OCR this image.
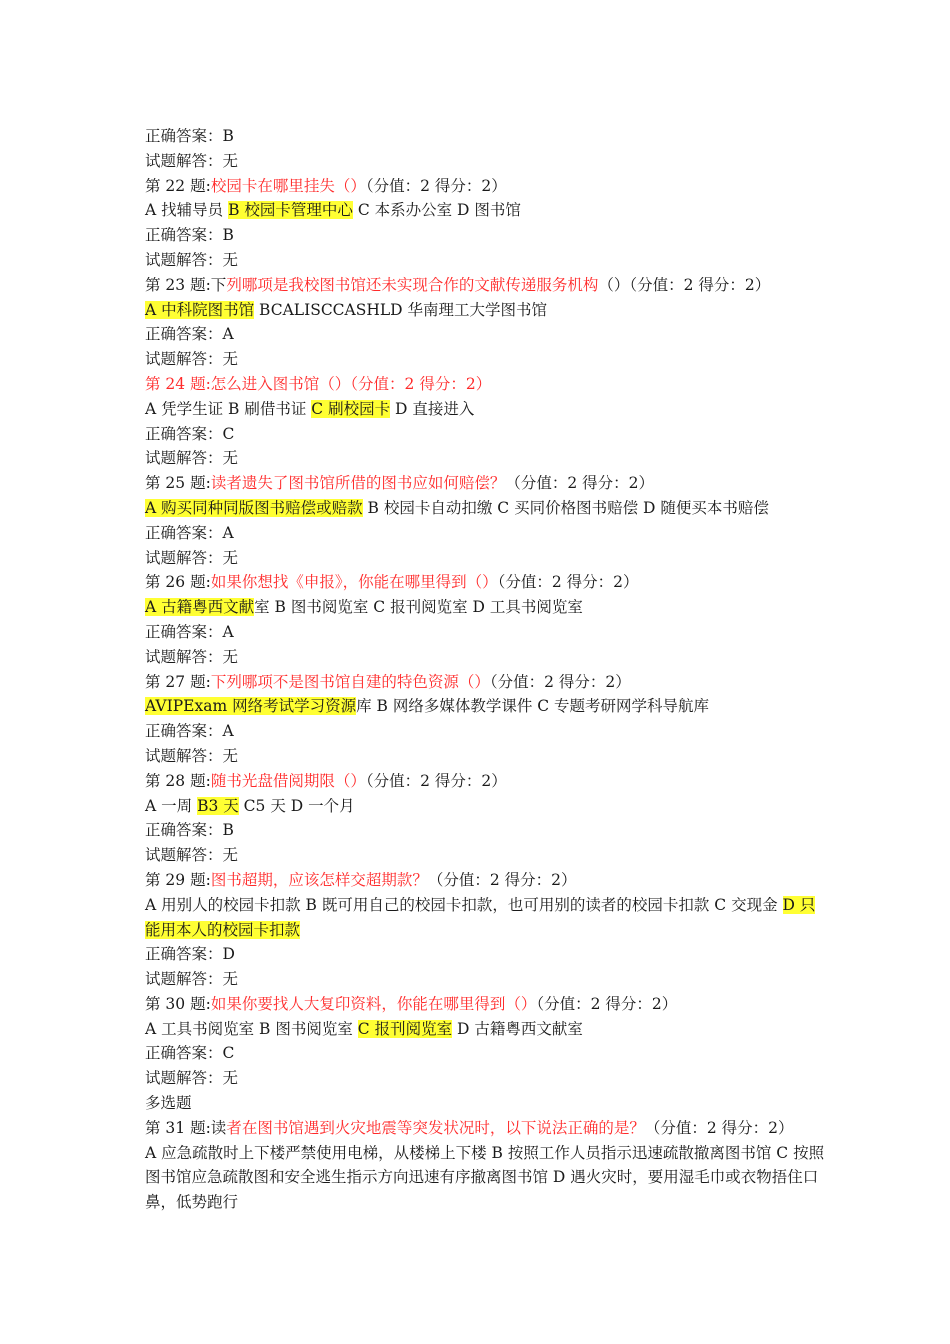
正确答案：B
试题解答：无
第 22 题:校园卡在哪里挂失（）（分值：2 得分：2）
A 找辅导员 B 校园卡管理中心 C 本系办公室 D 图书馆
正确答案：B
试题解答：无
第 23 题:下列哪项是我校图书馆还未实现合作的文献传递服务机构（）（分值：2 得分：2）
A 中科院图书馆 BCALISCCASHLD 华南理工大学图书馆
正确答案：A
试题解答：无
第 24 题:怎么进入图书馆（）（分值：2 得分：2）
A 凭学生证 B 刷借书证 C 刷校园卡 D 直接进入
正确答案：C
试题解答：无
第 25 题:读者遗失了图书馆所借的图书应如何赔偿？（分值：2 得分：2）
A 购买同种同版图书赔偿或赔款 B 校园卡自动扣缴 C 买同价格图书赔偿 D 随便买本书赔偿
正确答案：A
试题解答：无
第 26 题:如果你想找《申报》，你能在哪里得到（）（分值：2 得分：2）
A 古籍粤西文献室 B 图书阅览室 C 报刊阅览室 D 工具书阅览室
正确答案：A
试题解答：无
第 27 题:下列哪项不是图书馆自建的特色资源（）（分值：2 得分：2）
AVIPExam 网络考试学习资源库 B 网络多媒体教学课件 C 专题考研网学科导航库
正确答案：A
试题解答：无
第 28 题:随书光盘借阅期限（）（分值：2 得分：2）
A 一周 B3 天 C5 天 D 一个月
正确答案：B
试题解答：无
第 29 题:图书超期，应该怎样交超期款？（分值：2 得分：2）
A 用别人的校园卡扣款 B 既可用自己的校园卡扣款，也可用别的读者的校园卡扣款 C 交现金 D 只能用本人的校园卡扣款
正确答案：D
试题解答：无
第 30 题:如果你要找人大复印资料，你能在哪里得到（）（分值：2 得分：2）
A 工具书阅览室 B 图书阅览室 C 报刊阅览室 D 古籍粤西文献室
正确答案：C
试题解答：无
多选题
第 31 题:读者在图书馆遇到火灾地震等突发状况时，以下说法正确的是？（分值：2 得分：2）
A 应急疏散时上下楼严禁使用电梯，从楼梯上下楼 B 按照工作人员指示迅速疏散撤离图书馆 C 按照图书馆应急疏散图和安全逃生指示方向迅速有序撤离图书馆 D 遇火灾时，要用湿毛巾或衣物捂住口鼻，低势跑行
